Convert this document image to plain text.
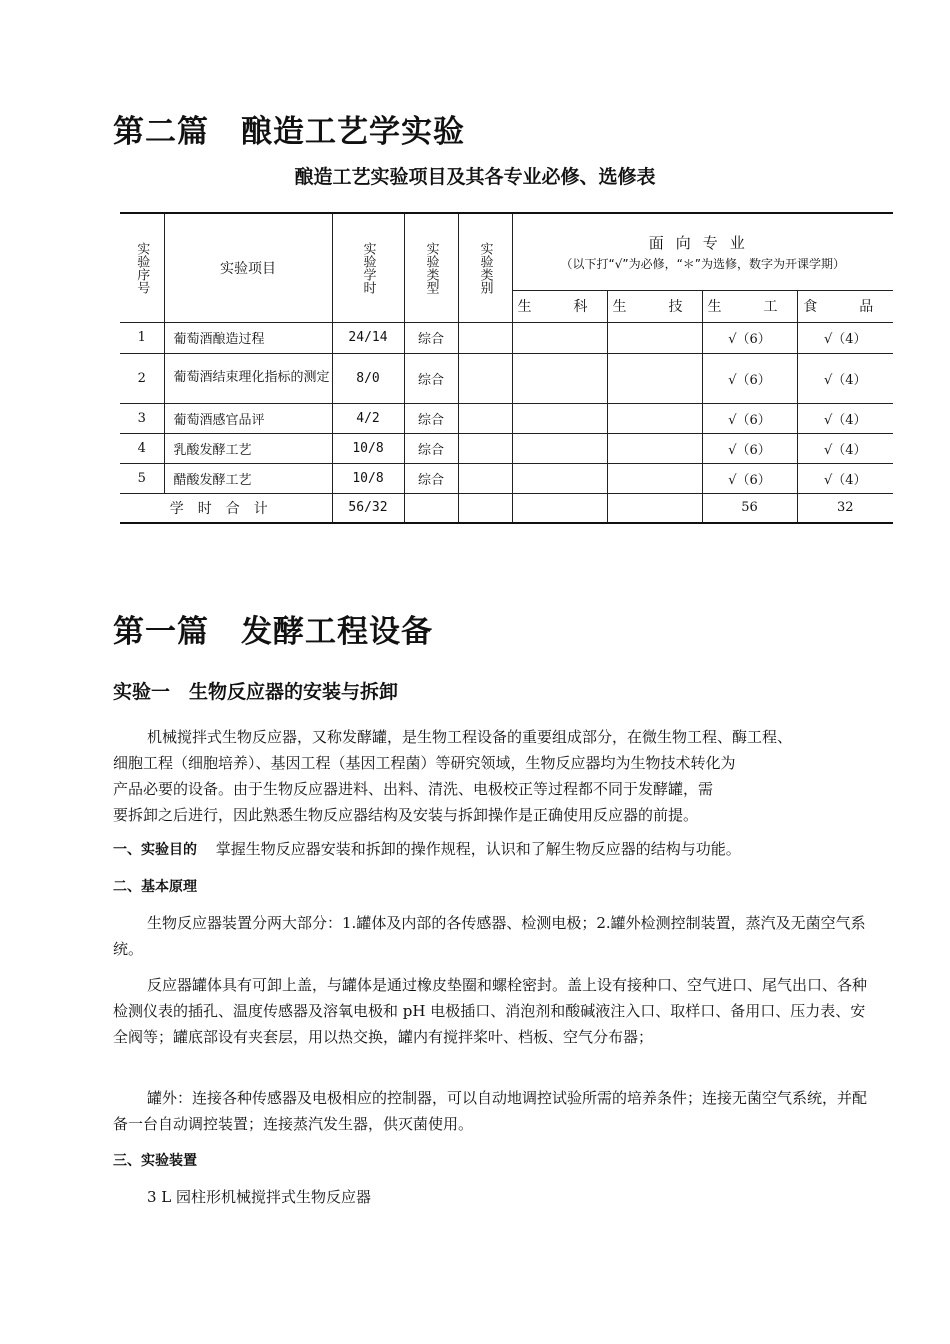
第二篇　酿造工艺学实验
酿造工艺实验项目及其各专业必修、选修表
实验序号	实验项目	实验学时	实验类型	实验类别	面向专业
（以下打“√”为必修，“＊”为选修，数字为开课学期）			

					生　科	生　技	生　工	食　品
1	葡萄酒酿造过程	24/14	综合				√（6）	√（4）
2	葡萄酒结束理化指标的测定	8/0	综合				√（6）	√（4）
3	葡萄酒感官品评	4/2	综合				√（6）	√（4）
4	乳酸发酵工艺	10/8	综合				√（6）	√（4）
5	醋酸发酵工艺	10/8	综合				√（6）	√（4）
学时合计		56/32					56	32
第一篇　发酵工程设备
实验一　生物反应器的安装与拆卸
机械搅拌式生物反应器，又称发酵罐，是生物工程设备的重要组成部分，在微生物工程、酶工程、
细胞工程（细胞培养）、基因工程（基因工程菌）等研究领域，生物反应器均为生物技术转化为
产品必要的设备。由于生物反应器进料、出料、清洗、电极校正等过程都不同于发酵罐，需
要拆卸之后进行，因此熟悉生物反应器结构及安装与拆卸操作是正确使用反应器的前提。
一、实验目的 掌握生物反应器安装和拆卸的操作规程，认识和了解生物反应器的结构与功能。
二、基本原理
生物反应器装置分两大部分：1.罐体及内部的各传感器、检测电极；2.罐外检测控制装置，蒸汽及无菌空气系统。
反应器罐体具有可卸上盖，与罐体是通过橡皮垫圈和螺栓密封。盖上设有接种口、空气进口、尾气出口、各种检测仪表的插孔、温度传感器及溶氧电极和 pH 电极插口、消泡剂和酸碱液注入口、取样口、备用口、压力表、安全阀等；罐底部设有夹套层，用以热交换，罐内有搅拌桨叶、档板、空气分布器；
罐外：连接各种传感器及电极相应的控制器，可以自动地调控试验所需的培养条件；连接无菌空气系统，并配备一台自动调控装置；连接蒸汽发生器，供灭菌使用。
三、实验装置
3 L 园柱形机械搅拌式生物反应器
